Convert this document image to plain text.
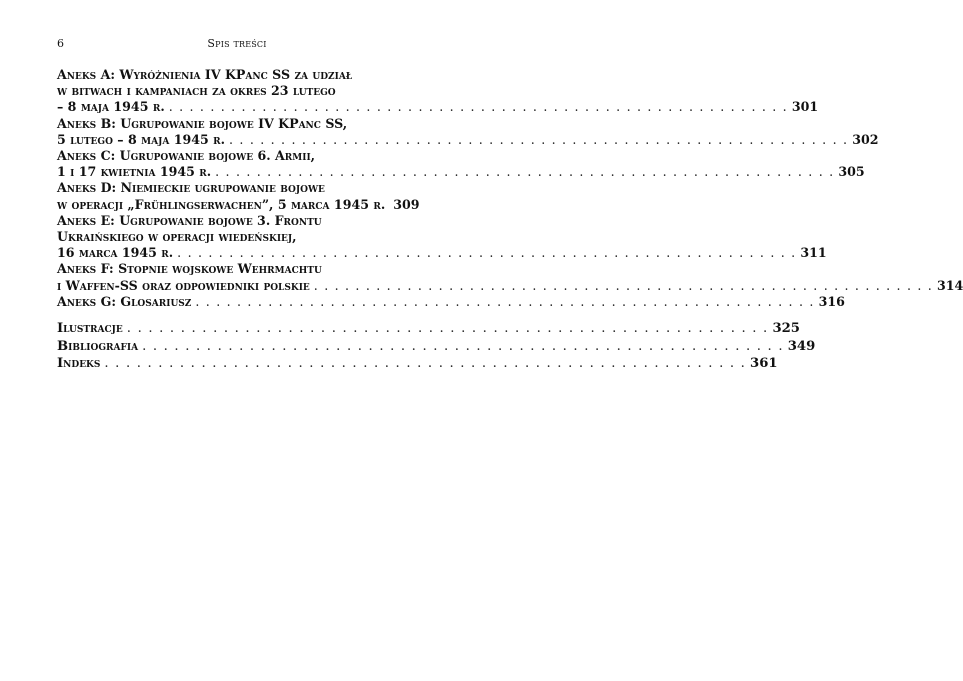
6	Spis treści
Aneks A: Wyróżnienia IV KPanc SS za udział
w bitwach i kampaniach za okres 23 lutego
– 8 maja 1945 r. . . . . . . . . . . . . . . . . . . . . . . . . . . . . . . . . . . . . . . . . . . . . . . . . . . . . . . . . . . . . 301
Aneks B: Ugrupowanie bojowe IV KPanc SS,
5 lutego – 8 maja 1945 r. . . . . . . . . . . . . . . . . . . . . . . . . . . . . . . . . . . . . . . . . . . . . . . . . . . . . . . . . . . . . 302
Aneks C: Ugrupowanie bojowe 6. Armii,
1 i 17 kwietnia 1945 r. . . . . . . . . . . . . . . . . . . . . . . . . . . . . . . . . . . . . . . . . . . . . . . . . . . . . . . . . . . . . 305
Aneks D: Niemieckie ugrupowanie bojowe
w operacji „Frühlingserwachen”, 5 marca 1945 r. 309
Aneks E: Ugrupowanie bojowe 3. Frontu
Ukraińskiego w operacji wiedeńskiej,
16 marca 1945 r. . . . . . . . . . . . . . . . . . . . . . . . . . . . . . . . . . . . . . . . . . . . . . . . . . . . . . . . . . . . . 311
Aneks F: Stopnie wojskowe Wehrmachtu
i Waffen-SS oraz odpowiedniki polskie . . . . . . . . . . . . . . . . . . . . . . . . . . . . . . . . . . . . . . . . . . . . . . . . . . . . . . . . . . . . 314
Aneks G: Glosariusz . . . . . . . . . . . . . . . . . . . . . . . . . . . . . . . . . . . . . . . . . . . . . . . . . . . . . . . . . . . . 316
Ilustracje . . . . . . . . . . . . . . . . . . . . . . . . . . . . . . . . . . . . . . . . . . . . . . . . . . . . . . . . . . . . 325
Bibliografia . . . . . . . . . . . . . . . . . . . . . . . . . . . . . . . . . . . . . . . . . . . . . . . . . . . . . . . . . . . . 349
Indeks . . . . . . . . . . . . . . . . . . . . . . . . . . . . . . . . . . . . . . . . . . . . . . . . . . . . . . . . . . . . 361
